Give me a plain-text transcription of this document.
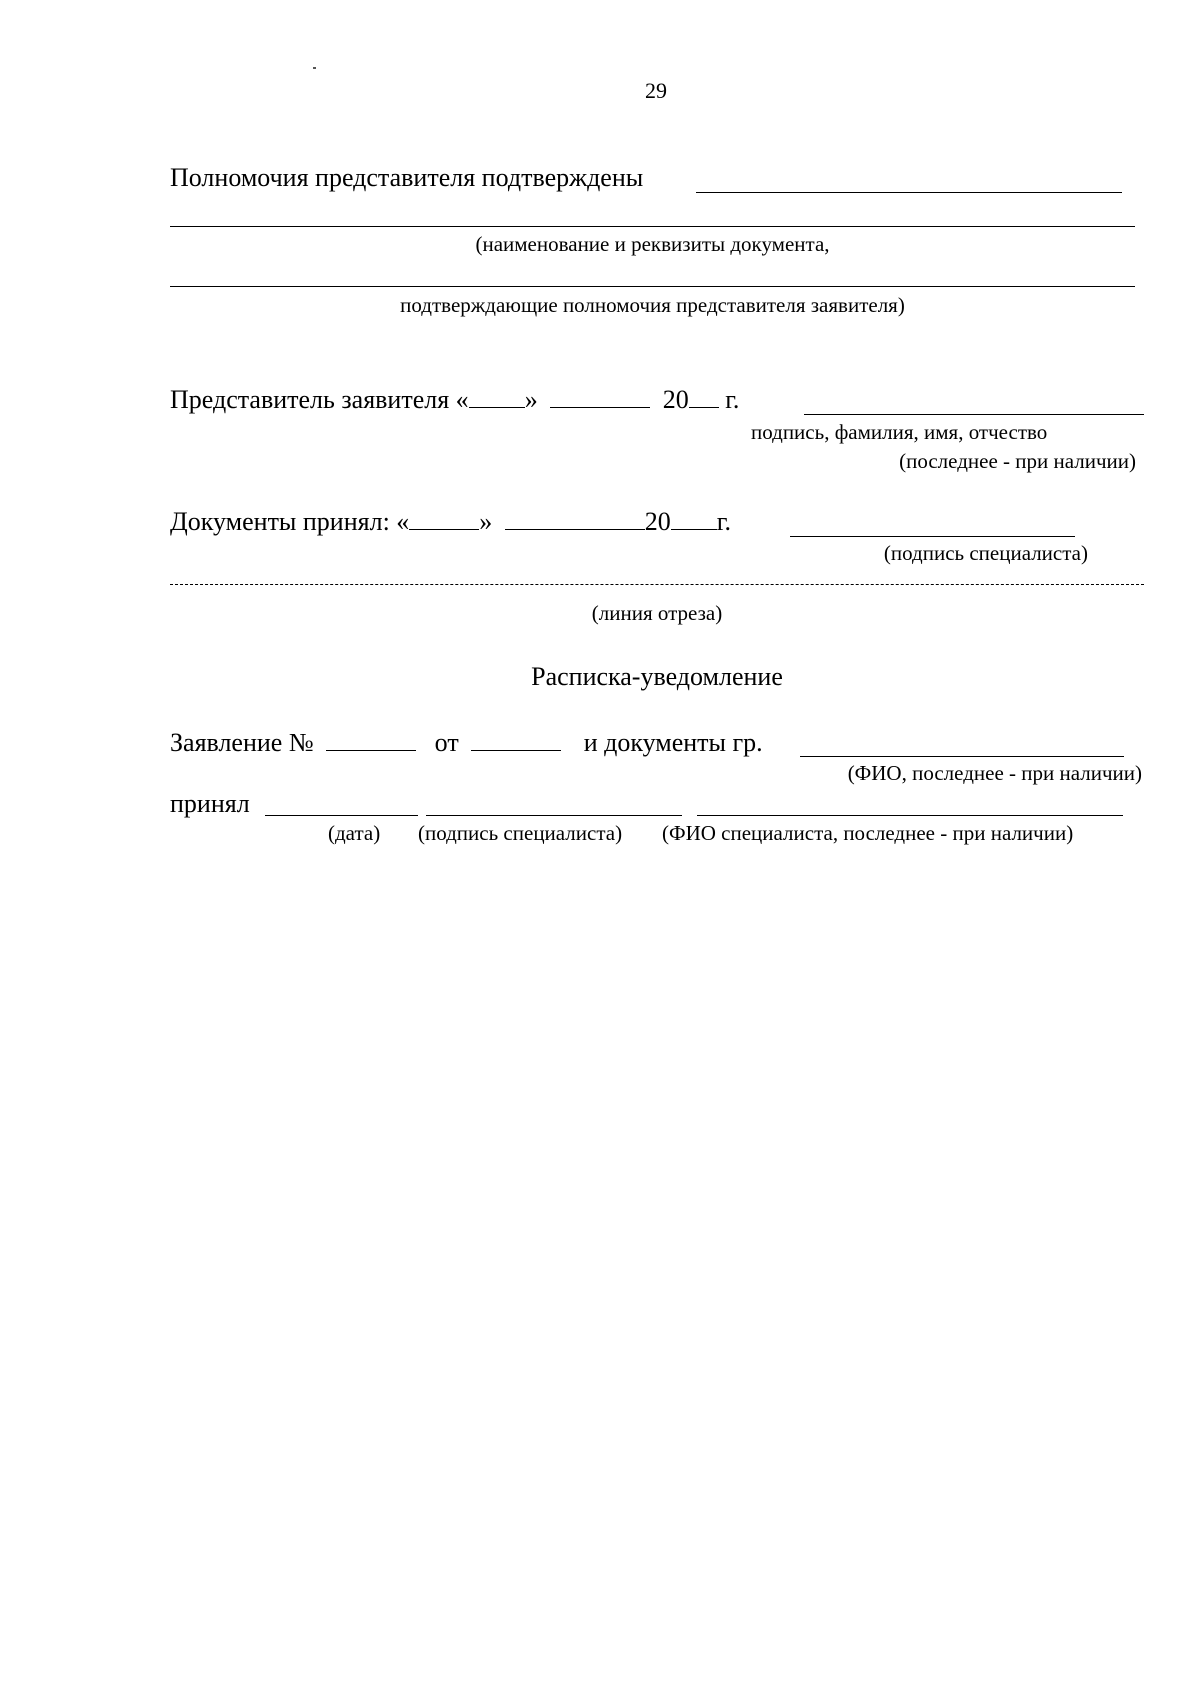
29
Полномочия представителя подтверждены
(наименование и реквизиты документа,
подтверждающие полномочия представителя заявителя)
Представитель заявителя « »	20 г.
подпись, фамилия, имя, отчество
(последнее - при наличии)
Документы принял: «	»	20 г.
(подпись специалиста)
(линия отреза)
Расписка-уведомление
Заявление №	от	и документы гр.
(ФИО, последнее - при наличии)
принял
(дата) (подпись специалиста) (ФИО специалиста, последнее - при наличии)
